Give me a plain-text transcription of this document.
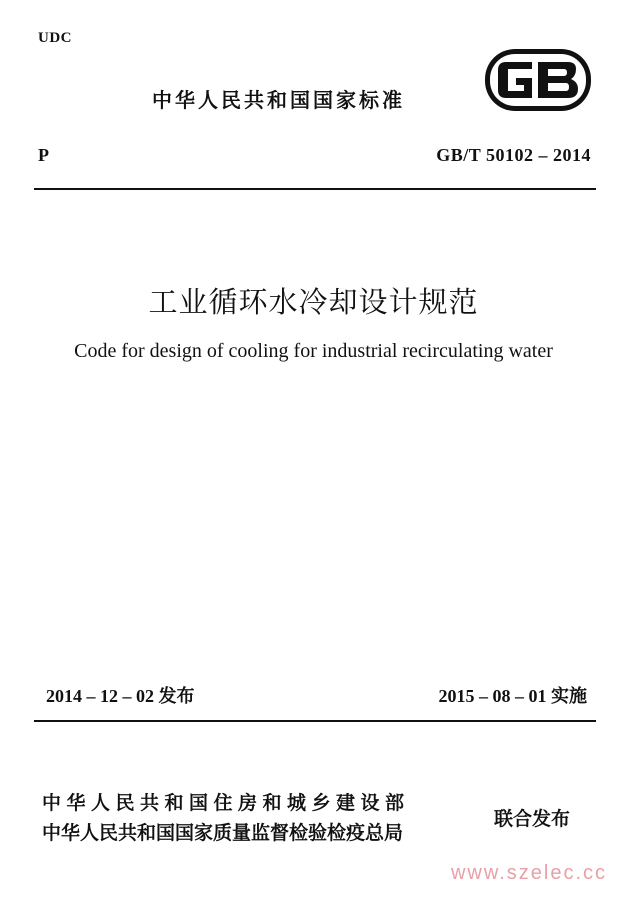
UDC
中华人民共和国国家标准
P	GB/T 50102 – 2014
工业循环水冷却设计规范
Code for design of cooling for industrial recirculating water
2014 – 12 – 02 发布	2015 – 08 – 01 实施
中华人民共和国住房和城乡建设部
中华人民共和国国家质量监督检验检疫总局
联合发布
www.szelec.cc
